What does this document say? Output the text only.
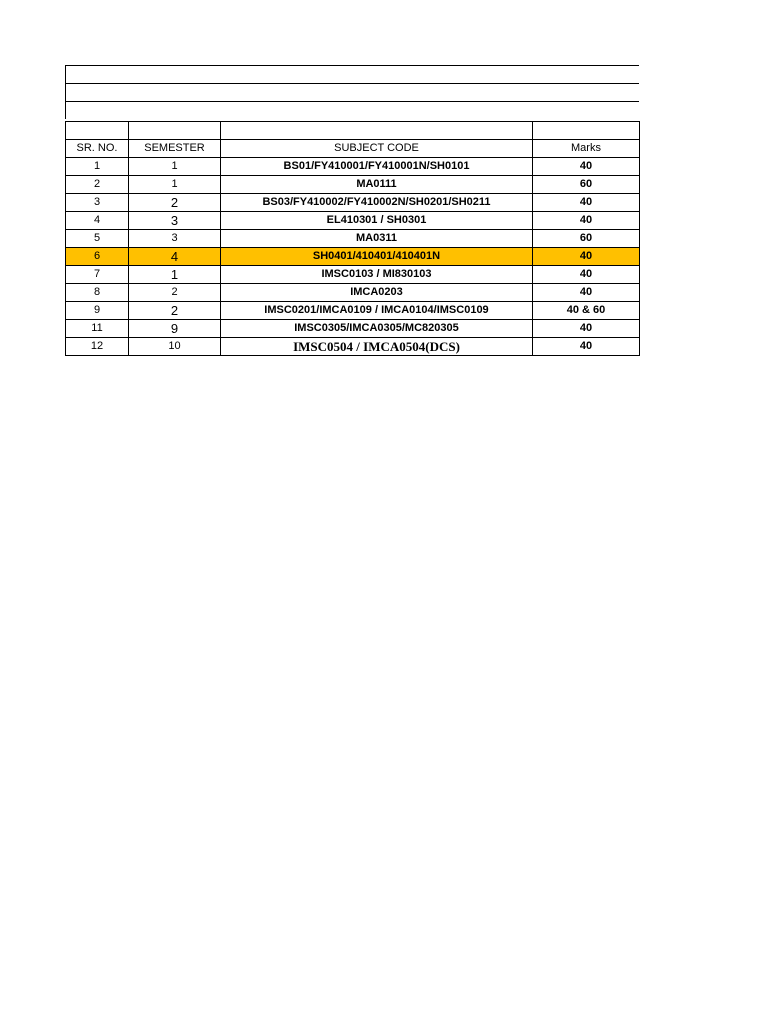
SR. NO.	SEMESTER	SUBJECT CODE	Marks
1	1	BS01/FY410001/FY410001N/SH0101	40
2	1	MA0111	60
3	2	BS03/FY410002/FY410002N/SH0201/SH0211	40
4	3	EL410301 / SH0301	40
5	3	MA0311	60
6	4	SH0401/410401/410401N	40
7	1	IMSC0103 / MI830103	40
8	2	IMCA0203	40
9	2	IMSC0201/IMCA0109 / IMCA0104/IMSC0109	40 & 60
11	9	IMSC0305/IMCA0305/MC820305	40
12	10	IMSC0504 / IMCA0504(DCS)	40
